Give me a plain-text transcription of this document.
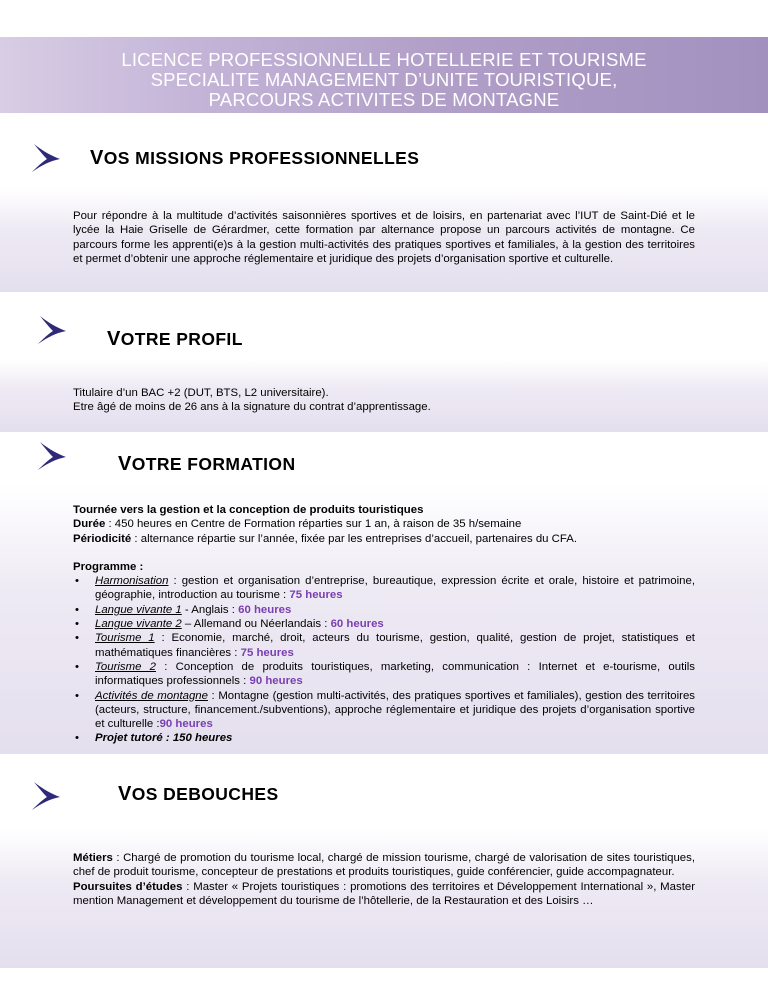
LICENCE PROFESSIONNELLE HOTELLERIE ET TOURISME
SPECIALITE MANAGEMENT D’UNITE TOURISTIQUE,
PARCOURS ACTIVITES DE MONTAGNE
VOS MISSIONS PROFESSIONNELLES
Pour répondre à la multitude d’activités saisonnières sportives et de loisirs, en partenariat avec l’IUT de Saint-Dié et le lycée la Haie Griselle de Gérardmer, cette formation par alternance propose un parcours activités de montagne. Ce parcours forme les apprenti(e)s à la gestion multi-activités des pratiques sportives et familiales, à la gestion des territoires et permet d’obtenir une approche réglementaire et juridique des projets d’organisation sportive et culturelle.
VOTRE PROFIL
Titulaire d’un BAC +2 (DUT, BTS, L2 universitaire).
Etre âgé de moins de 26 ans à la signature du contrat d’apprentissage.
VOTRE FORMATION
Tournée vers la gestion et la conception de produits touristiques
Durée : 450 heures en Centre de Formation réparties sur 1 an, à raison de 35 h/semaine
Périodicité : alternance répartie sur l’année, fixée par les entreprises d’accueil, partenaires du CFA.
Programme :
• Harmonisation : gestion et organisation d’entreprise, bureautique, expression écrite et orale, histoire et patrimoine, géographie, introduction au tourisme : 75 heures
• Langue vivante 1 - Anglais : 60 heures
• Langue vivante 2 – Allemand ou Néerlandais : 60 heures
• Tourisme 1 : Economie, marché, droit, acteurs du tourisme, gestion, qualité, gestion de projet, statistiques et mathématiques financières : 75 heures
• Tourisme 2 : Conception de produits touristiques, marketing, communication : Internet et e-tourisme, outils informatiques professionnels : 90 heures
• Activités de montagne : Montagne (gestion multi-activités, des pratiques sportives et familiales), gestion des territoires (acteurs, structure, financement./subventions), approche réglementaire et juridique des projets d’organisation sportive et culturelle :90 heures
• Projet tutoré : 150 heures
VOS DEBOUCHES
Métiers : Chargé de promotion du tourisme local, chargé de mission tourisme, chargé de valorisation de sites touristiques, chef de produit tourisme, concepteur de prestations et produits touristiques, guide conférencier, guide accompagnateur.
Poursuites d’études : Master « Projets touristiques : promotions des territoires et Développement International », Master mention Management et développement du tourisme de l’hôtellerie, de la Restauration et des Loisirs …
